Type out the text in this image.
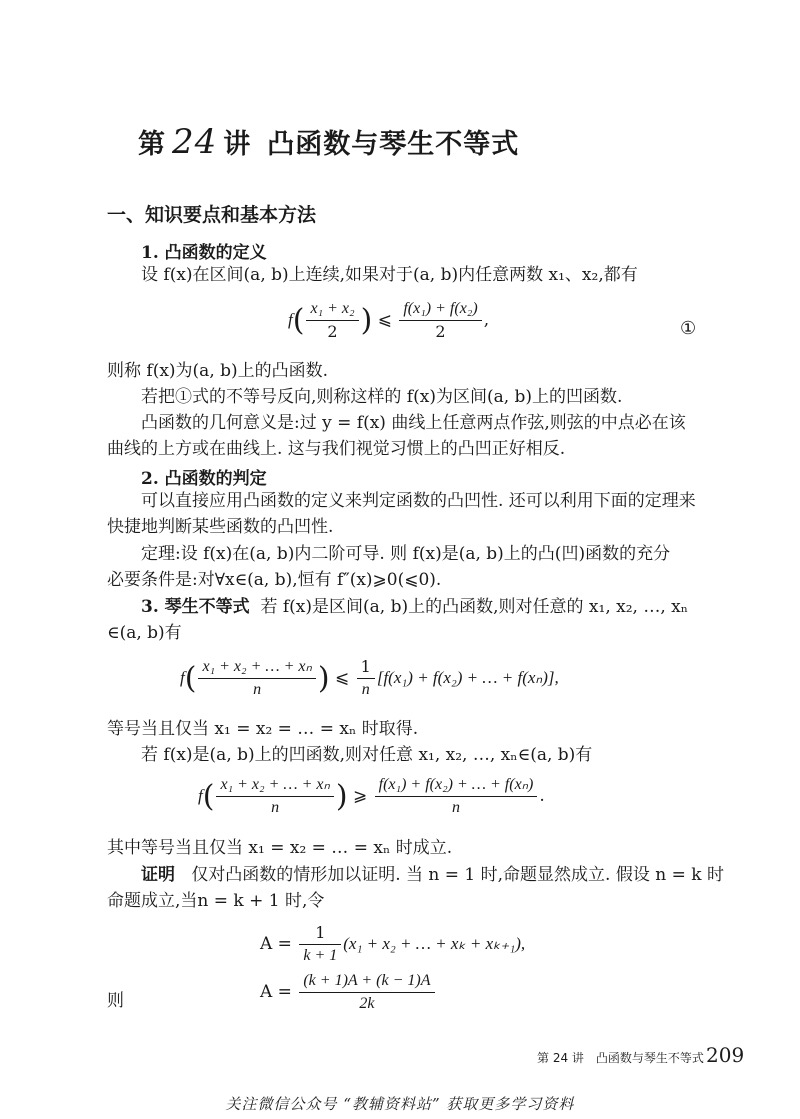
第 24 讲 凸函数与琴生不等式
一、知识要点和基本方法
1. 凸函数的定义
设 f(x)在区间(a, b)上连续,如果对于(a, b)内任意两数 x₁、x₂,都有
$f( \frac{\text{x₁ + x₂}}{2}$ ) ⩽ $\frac{\text{f(x₁) + f(x₂)}}{2}$ ,	①
则称 f(x)为(a, b)上的凸函数.
若把①式的不等号反向,则称这样的 f(x)为区间(a, b)上的凹函数.
凸函数的几何意义是:过 y = f(x) 曲线上任意两点作弦,则弦的中点必在该
曲线的上方或在曲线上. 这与我们视觉习惯上的凸凹正好相反.
2. 凸函数的判定
可以直接应用凸函数的定义来判定函数的凸凹性. 还可以利用下面的定理来
快捷地判断某些函数的凸凹性.
定理:设 f(x)在(a, b)内二阶可导. 则 f(x)是(a, b)上的凸(凹)函数的充分
必要条件是:对∀x∈(a, b),恒有 f″(x)⩾0(⩽0).
3. 琴生不等式 若 f(x)是区间(a, b)上的凸函数,则对任意的 x₁, x₂, …, xₙ
∈(a, b)有
$f( \frac{\text{x₁ + x₂ + … + xₙ}}{n}$ ) ⩽ $\frac{1}{n} [f(x_1) + f(x_2)$ + … + f(xₙ)],
等号当且仅当 x₁ = x₂ = … = xₙ 时取得.
若 f(x)是(a, b)上的凹函数,则对任意 x₁, x₂, …, xₙ∈(a, b)有
$f( \frac{\text{x₁ + x₂ + … + xₙ}}{n}$ ) ⩾ $\frac{\text{f(x₁) + f(x₂) + … + f(xₙ)}}{n}$ .
其中等号当且仅当 x₁ = x₂ = … = xₙ 时成立.
证明 仅对凸函数的情形加以证明. 当 n = 1 时,命题显然成立. 假设 n = k 时
命题成立,当n = k + 1 时,令
$A = \frac{1}{k + 1} (x_1 + x_2$ + … + xₖ + xₖ₊₁),
则	$A = \frac{(k + 1)A + (k - 1)A}{2k}$
第 24 讲　凸函数与琴生不等式 209
关注微信公众号 “教辅资料站” 获取更多学习资料
